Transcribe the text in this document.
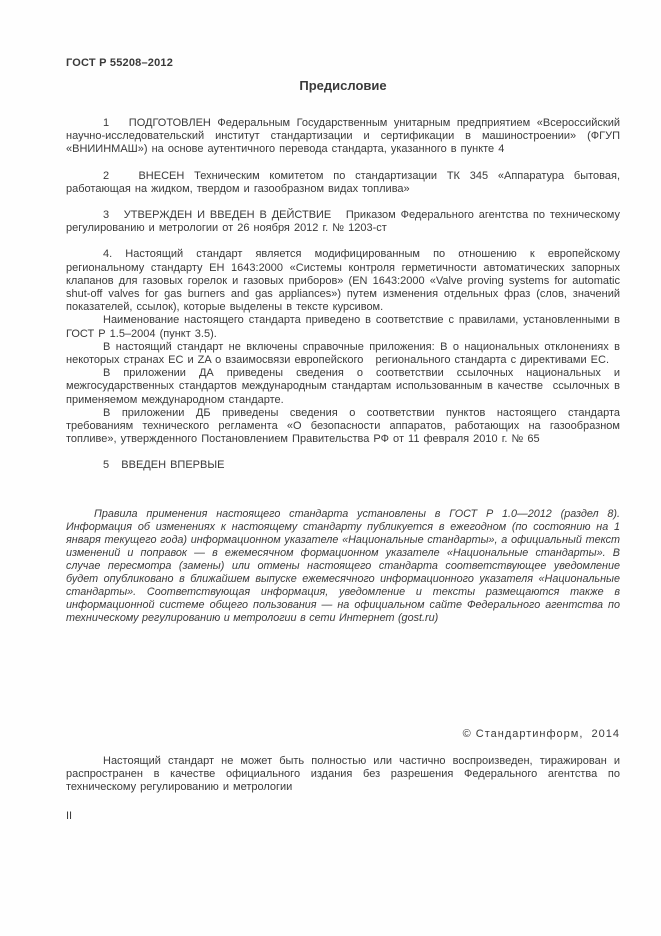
ГОСТ Р 55208–2012
Предисловие

1   ПОДГОТОВЛЕН Федеральным Государственным унитарным предприятием «Всероссийский научно-исследовательский институт стандартизации и сертификации в машиностроении» (ФГУП «ВНИИНМАШ») на основе аутентичного перевода стандарта, указанного в пункте 4

2   ВНЕСЕН Техническим комитетом по стандартизации ТК 345 «Аппаратура бытовая, работающая на жидком, твердом и газообразном видах топлива»

3   УТВЕРЖДЕН И ВВЕДЕН В ДЕЙСТВИЕ   Приказом Федерального агентства по техническому регулированию и метрологии от 26 ноября 2012 г. № 1203-ст

4. Настоящий стандарт является модифицированным по отношению к европейскому региональному стандарту ЕН 1643:2000 «Системы контроля герметичности автоматических запорных клапанов для газовых горелок и газовых приборов» (EN 1643:2000 «Valve proving systems for automatic shut-off valves for gas burners and gas appliances») путем изменения отдельных фраз (слов, значений показателей, ссылок), которые выделены в тексте курсивом.

Наименование настоящего стандарта приведено в соответствие с правилами, установленными в ГОСТ Р 1.5–2004 (пункт 3.5).

В настоящий стандарт не включены справочные приложения: В о национальных отклонениях в некоторых странах ЕС и ZA о взаимосвязи европейского   регионального стандарта с директивами ЕС.

В приложении ДА приведены сведения о соответствии ссылочных национальных и межгосударственных стандартов международным стандартам использованным в качестве  ссылочных в применяемом международном стандарте.

В приложении ДБ приведены сведения о соответствии пунктов настоящего стандарта требованиям технического регламента «О безопасности аппаратов, работающих на газообразном топливе», утвержденного Постановлением Правительства РФ от 11 февраля 2010 г. № 65

5   ВВЕДЕН ВПЕРВЫЕ

Правила применения настоящего стандарта установлены в ГОСТ Р 1.0—2012 (раздел 8). Информация об изменениях к настоящему стандарту публикуется в ежегодном (по состоянию на 1 января текущего года) информационном указателе «Национальные стандарты», а официальный текст изменений и поправок — в ежемесячном формационном указателе «Национальные стандарты». В случае пересмотра (замены) или отмены настоящего стандарта соответствующее уведомление будет опубликовано в ближайшем выпуске ежемесячного информационного указателя «Национальные стандарты». Соответствующая информация, уведомление и тексты размещаются также в информационной системе общего пользования — на официальном сайте Федерального агентства по техническому регулированию и метрологии в сети Интернет (gost.ru)

© Стандартинформ,  2014

Настоящий стандарт не может быть полностью или частично воспроизведен, тиражирован и распространен в качестве официального издания без разрешения Федерального агентства по техническому регулированию и метрологии

II
